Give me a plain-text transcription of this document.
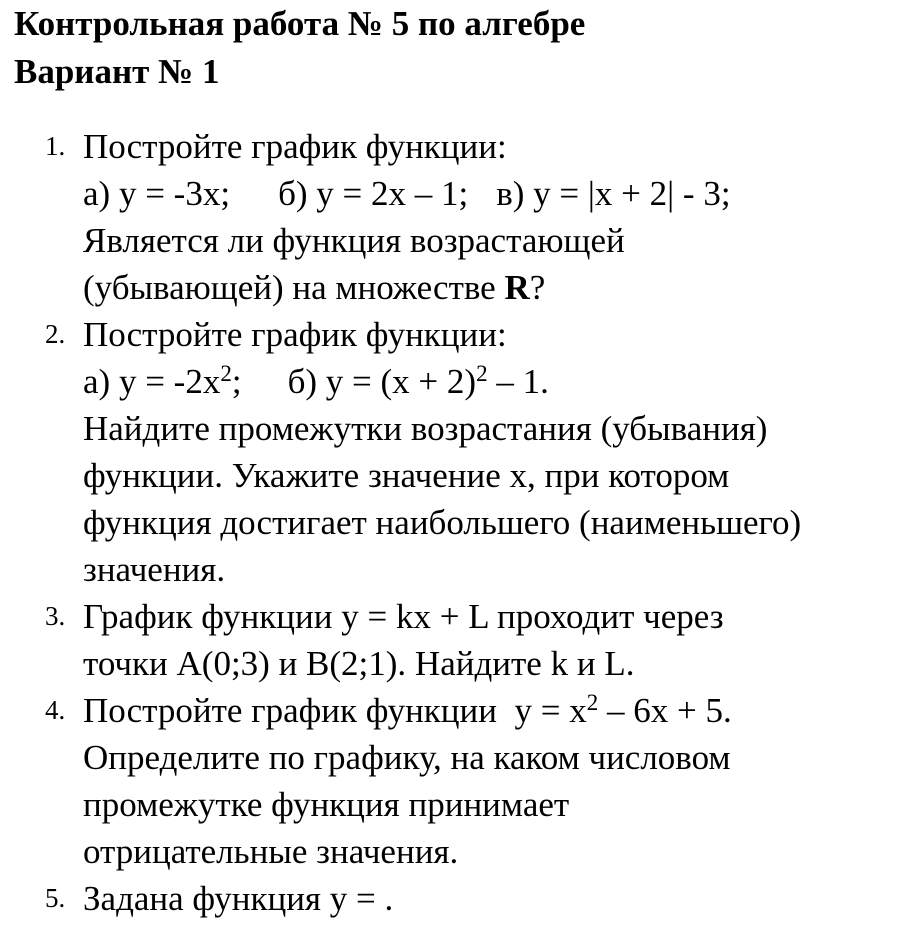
Контрольная работа № 5 по алгебре
Вариант № 1
1. Постройте график функции:
а) у = -3х; б) у = 2х – 1; в) у = |х + 2| - 3;
Является ли функция возрастающей
(убывающей) на множестве R?
2. Постройте график функции:
а) $у = -2х^2$; б) $у = (х + 2)^2 - 1$.
Найдите промежутки возрастания (убывания)
функции. Укажите значение х, при котором
функция достигает наибольшего (наименьшего)
значения.
3. График функции у = kx + L проходит через
точки А(0;3) и В(2;1). Найдите k и L.
4. Постройте график функции  $у = х^2 - 6х + 5$.
Определите по графику, на каком числовом
промежутке функция принимает
отрицательные значения.
5. Задана функция у = .
